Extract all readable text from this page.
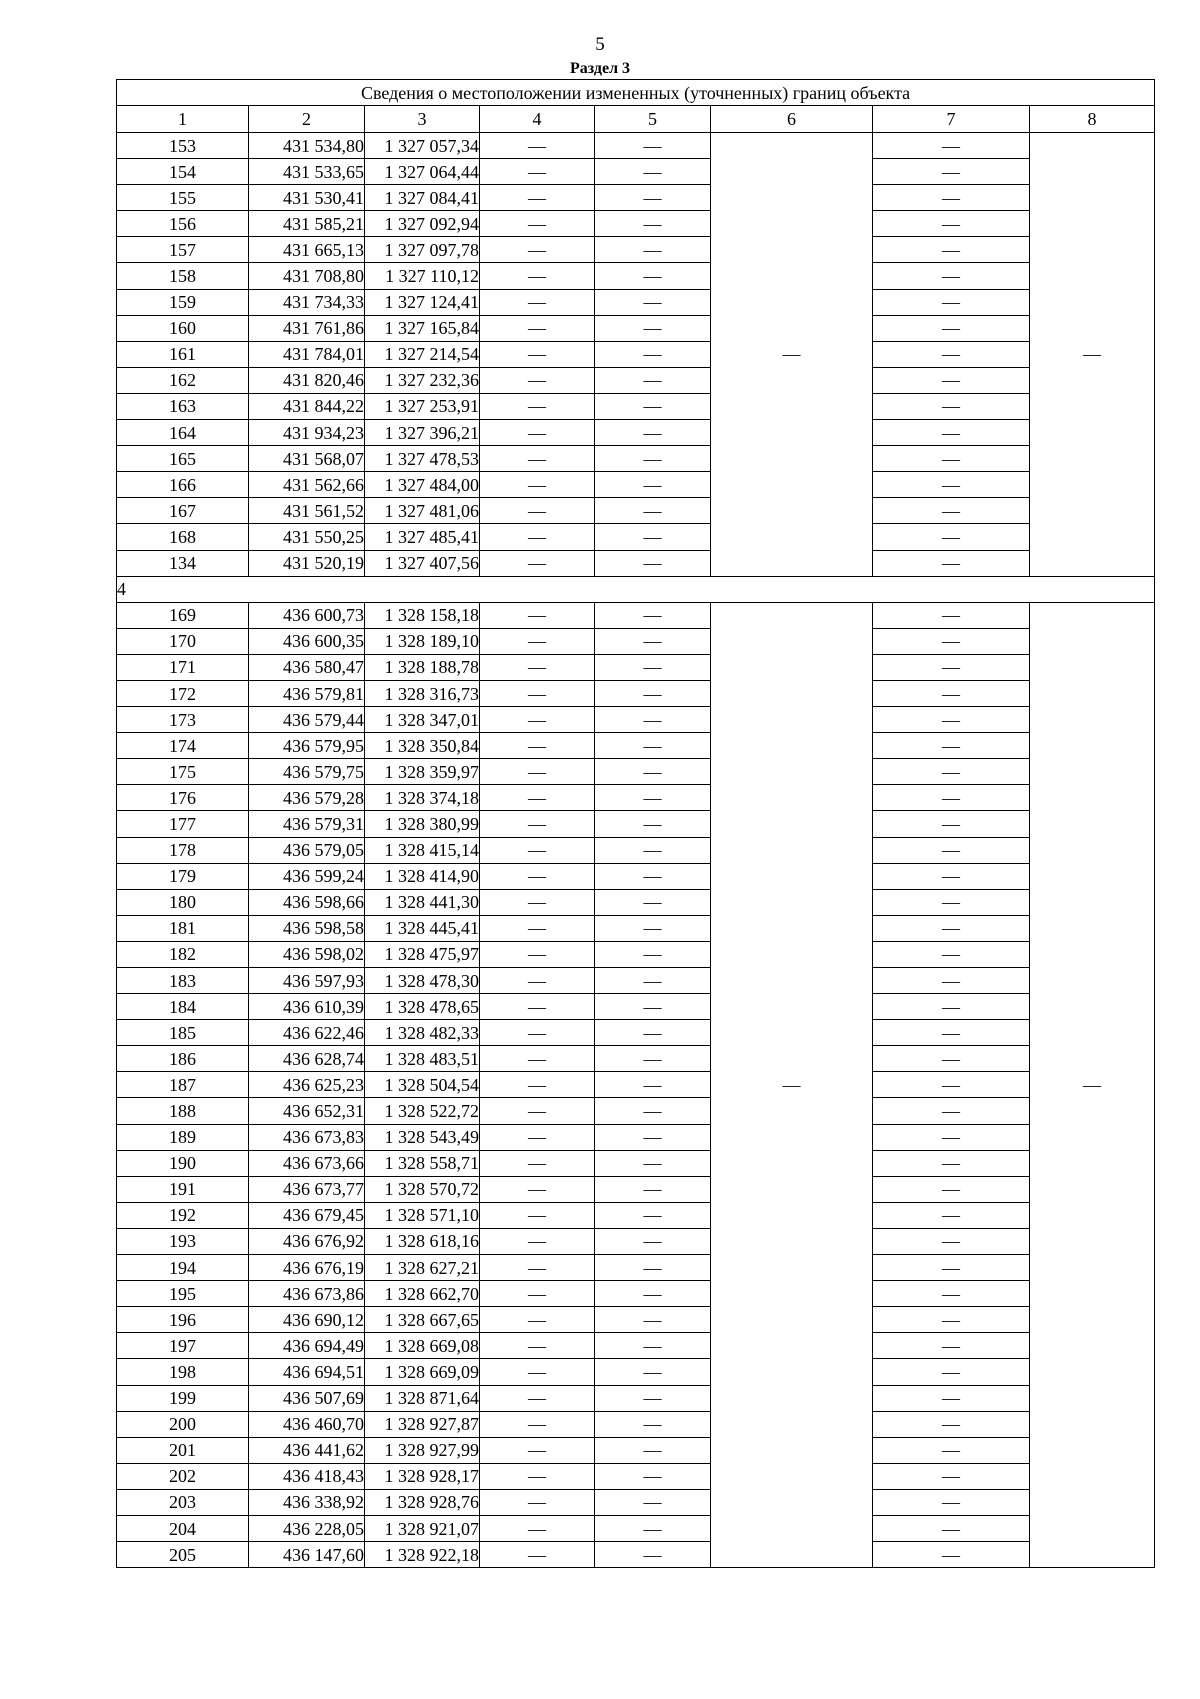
5
Раздел 3
Сведения о местоположении измененных (уточненных) границ объекта							
1	2	3	4	5	6	7	8
153	431 534,80	1 327 057,34	—	—	—	—	—
154	431 533,65	1 327 064,44	—	—		—	
155	431 530,41	1 327 084,41	—	—		—	
156	431 585,21	1 327 092,94	—	—		—	
157	431 665,13	1 327 097,78	—	—		—	
158	431 708,80	1 327 110,12	—	—		—	
159	431 734,33	1 327 124,41	—	—		—	
160	431 761,86	1 327 165,84	—	—		—	
161	431 784,01	1 327 214,54	—	—		—	
162	431 820,46	1 327 232,36	—	—		—	
163	431 844,22	1 327 253,91	—	—		—	
164	431 934,23	1 327 396,21	—	—		—	
165	431 568,07	1 327 478,53	—	—		—	
166	431 562,66	1 327 484,00	—	—		—	
167	431 561,52	1 327 481,06	—	—		—	
168	431 550,25	1 327 485,41	—	—		—	
134	431 520,19	1 327 407,56	—	—		—	
4							
169	436 600,73	1 328 158,18	—	—	—	—	—
170	436 600,35	1 328 189,10	—	—		—	
171	436 580,47	1 328 188,78	—	—		—	
172	436 579,81	1 328 316,73	—	—		—	
173	436 579,44	1 328 347,01	—	—		—	
174	436 579,95	1 328 350,84	—	—		—	
175	436 579,75	1 328 359,97	—	—		—	
176	436 579,28	1 328 374,18	—	—		—	
177	436 579,31	1 328 380,99	—	—		—	
178	436 579,05	1 328 415,14	—	—		—	
179	436 599,24	1 328 414,90	—	—		—	
180	436 598,66	1 328 441,30	—	—		—	
181	436 598,58	1 328 445,41	—	—		—	
182	436 598,02	1 328 475,97	—	—		—	
183	436 597,93	1 328 478,30	—	—		—	
184	436 610,39	1 328 478,65	—	—		—	
185	436 622,46	1 328 482,33	—	—		—	
186	436 628,74	1 328 483,51	—	—		—	
187	436 625,23	1 328 504,54	—	—		—	
188	436 652,31	1 328 522,72	—	—		—	
189	436 673,83	1 328 543,49	—	—		—	
190	436 673,66	1 328 558,71	—	—		—	
191	436 673,77	1 328 570,72	—	—		—	
192	436 679,45	1 328 571,10	—	—		—	
193	436 676,92	1 328 618,16	—	—		—	
194	436 676,19	1 328 627,21	—	—		—	
195	436 673,86	1 328 662,70	—	—		—	
196	436 690,12	1 328 667,65	—	—		—	
197	436 694,49	1 328 669,08	—	—		—	
198	436 694,51	1 328 669,09	—	—		—	
199	436 507,69	1 328 871,64	—	—		—	
200	436 460,70	1 328 927,87	—	—		—	
201	436 441,62	1 328 927,99	—	—		—	
202	436 418,43	1 328 928,17	—	—		—	
203	436 338,92	1 328 928,76	—	—		—	
204	436 228,05	1 328 921,07	—	—		—	
205	436 147,60	1 328 922,18	—	—		—	
